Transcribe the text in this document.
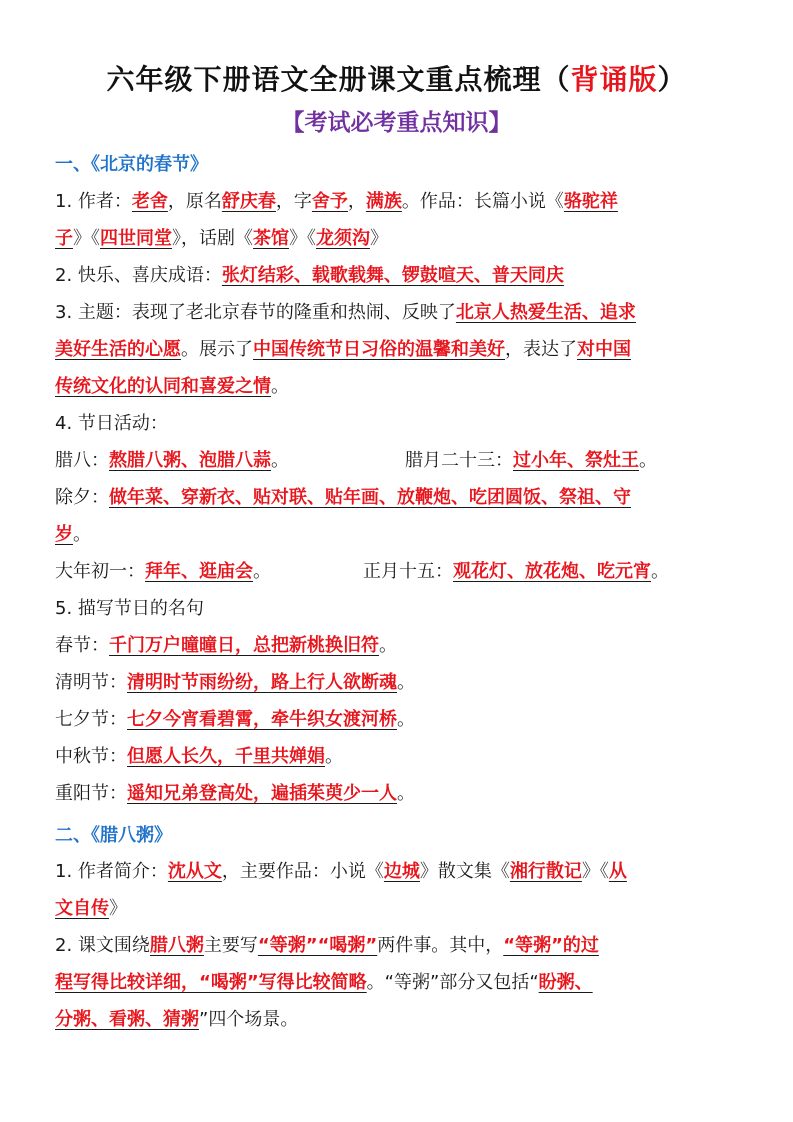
六年级下册语文全册课文重点梳理（背诵版）
【考试必考重点知识】
一、《北京的春节》
1. 作者：老舍，原名舒庆春，字舍予，满族。作品：长篇小说《骆驼祥
子》《四世同堂》，话剧《茶馆》《龙须沟》
2. 快乐、喜庆成语：张灯结彩、载歌载舞、锣鼓喧天、普天同庆
3. 主题：表现了老北京春节的隆重和热闹、反映了北京人热爱生活、追求
美好生活的心愿。展示了中国传统节日习俗的温馨和美好，表达了对中国
传统文化的认同和喜爱之情。
4. 节日活动：
腊八：熬腊八粥、泡腊八蒜。	腊月二十三：过小年、祭灶王。
除夕：做年菜、穿新衣、贴对联、贴年画、放鞭炮、吃团圆饭、祭祖、守
岁。
大年初一：拜年、逛庙会。	正月十五：观花灯、放花炮、吃元宵。
5. 描写节日的名句
春节：千门万户曈曈日，总把新桃换旧符。
清明节：清明时节雨纷纷，路上行人欲断魂。
七夕节：七夕今宵看碧霄，牵牛织女渡河桥。
中秋节：但愿人长久，千里共婵娟。
重阳节：遥知兄弟登高处，遍插茱萸少一人。
二、《腊八粥》
1. 作者简介：沈从文，主要作品：小说《边城》散文集《湘行散记》《从
文自传》
2. 课文围绕腊八粥主要写“等粥”“喝粥”两件事。其中，“等粥”的过
程写得比较详细，“喝粥”写得比较简略。“等粥”部分又包括“盼粥、
分粥、看粥、猜粥”四个场景。
